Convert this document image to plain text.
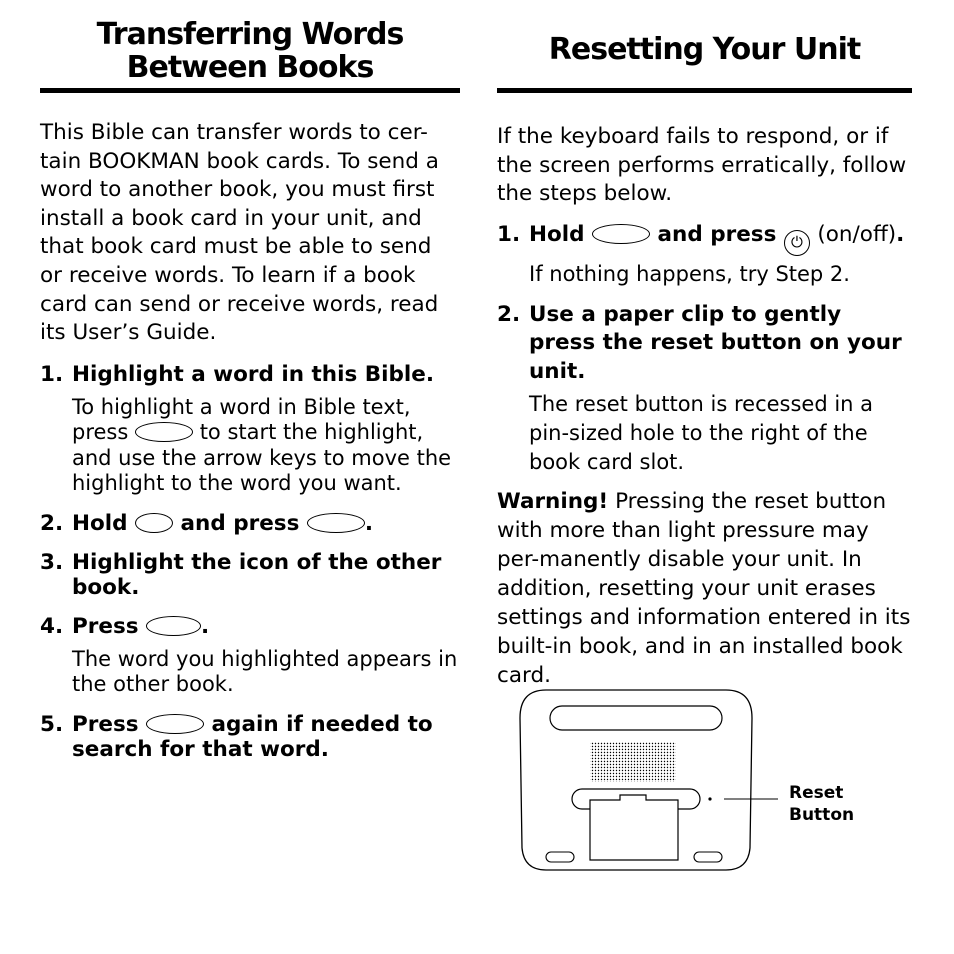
Transferring Words
Between Books

This Bible can transfer words to cer-tain BOOKMAN book cards. To send a word to another book, you must first install a book card in your unit, and that book card must be able to send or receive words. To learn if a book card can send or receive words, read its User’s Guide.

1. Highlight a word in this Bible.
To highlight a word in Bible text, press	to start the highlight, and use the arrow keys to move the highlight to the word you want.
2. Hold and press	.
3. Highlight the icon of the other book.
4. Press	.
The word you highlighted appears in the other book.
5. Press	again if needed to search for that word.
Resetting Your Unit

If the keyboard fails to respond, or if the screen performs erratically, follow the steps below.

1. Hold	and press ⏻ (on/off).
If nothing happens, try Step 2.
2. Use a paper clip to gently press the reset button on your unit.
The reset button is recessed in a pin-sized hole to the right of the book card slot.

Warning! Pressing the reset button with more than light pressure may per-manently disable your unit. In addition, resetting your unit erases settings and information entered in its built-in book, and in an installed book card.

Reset
Button
